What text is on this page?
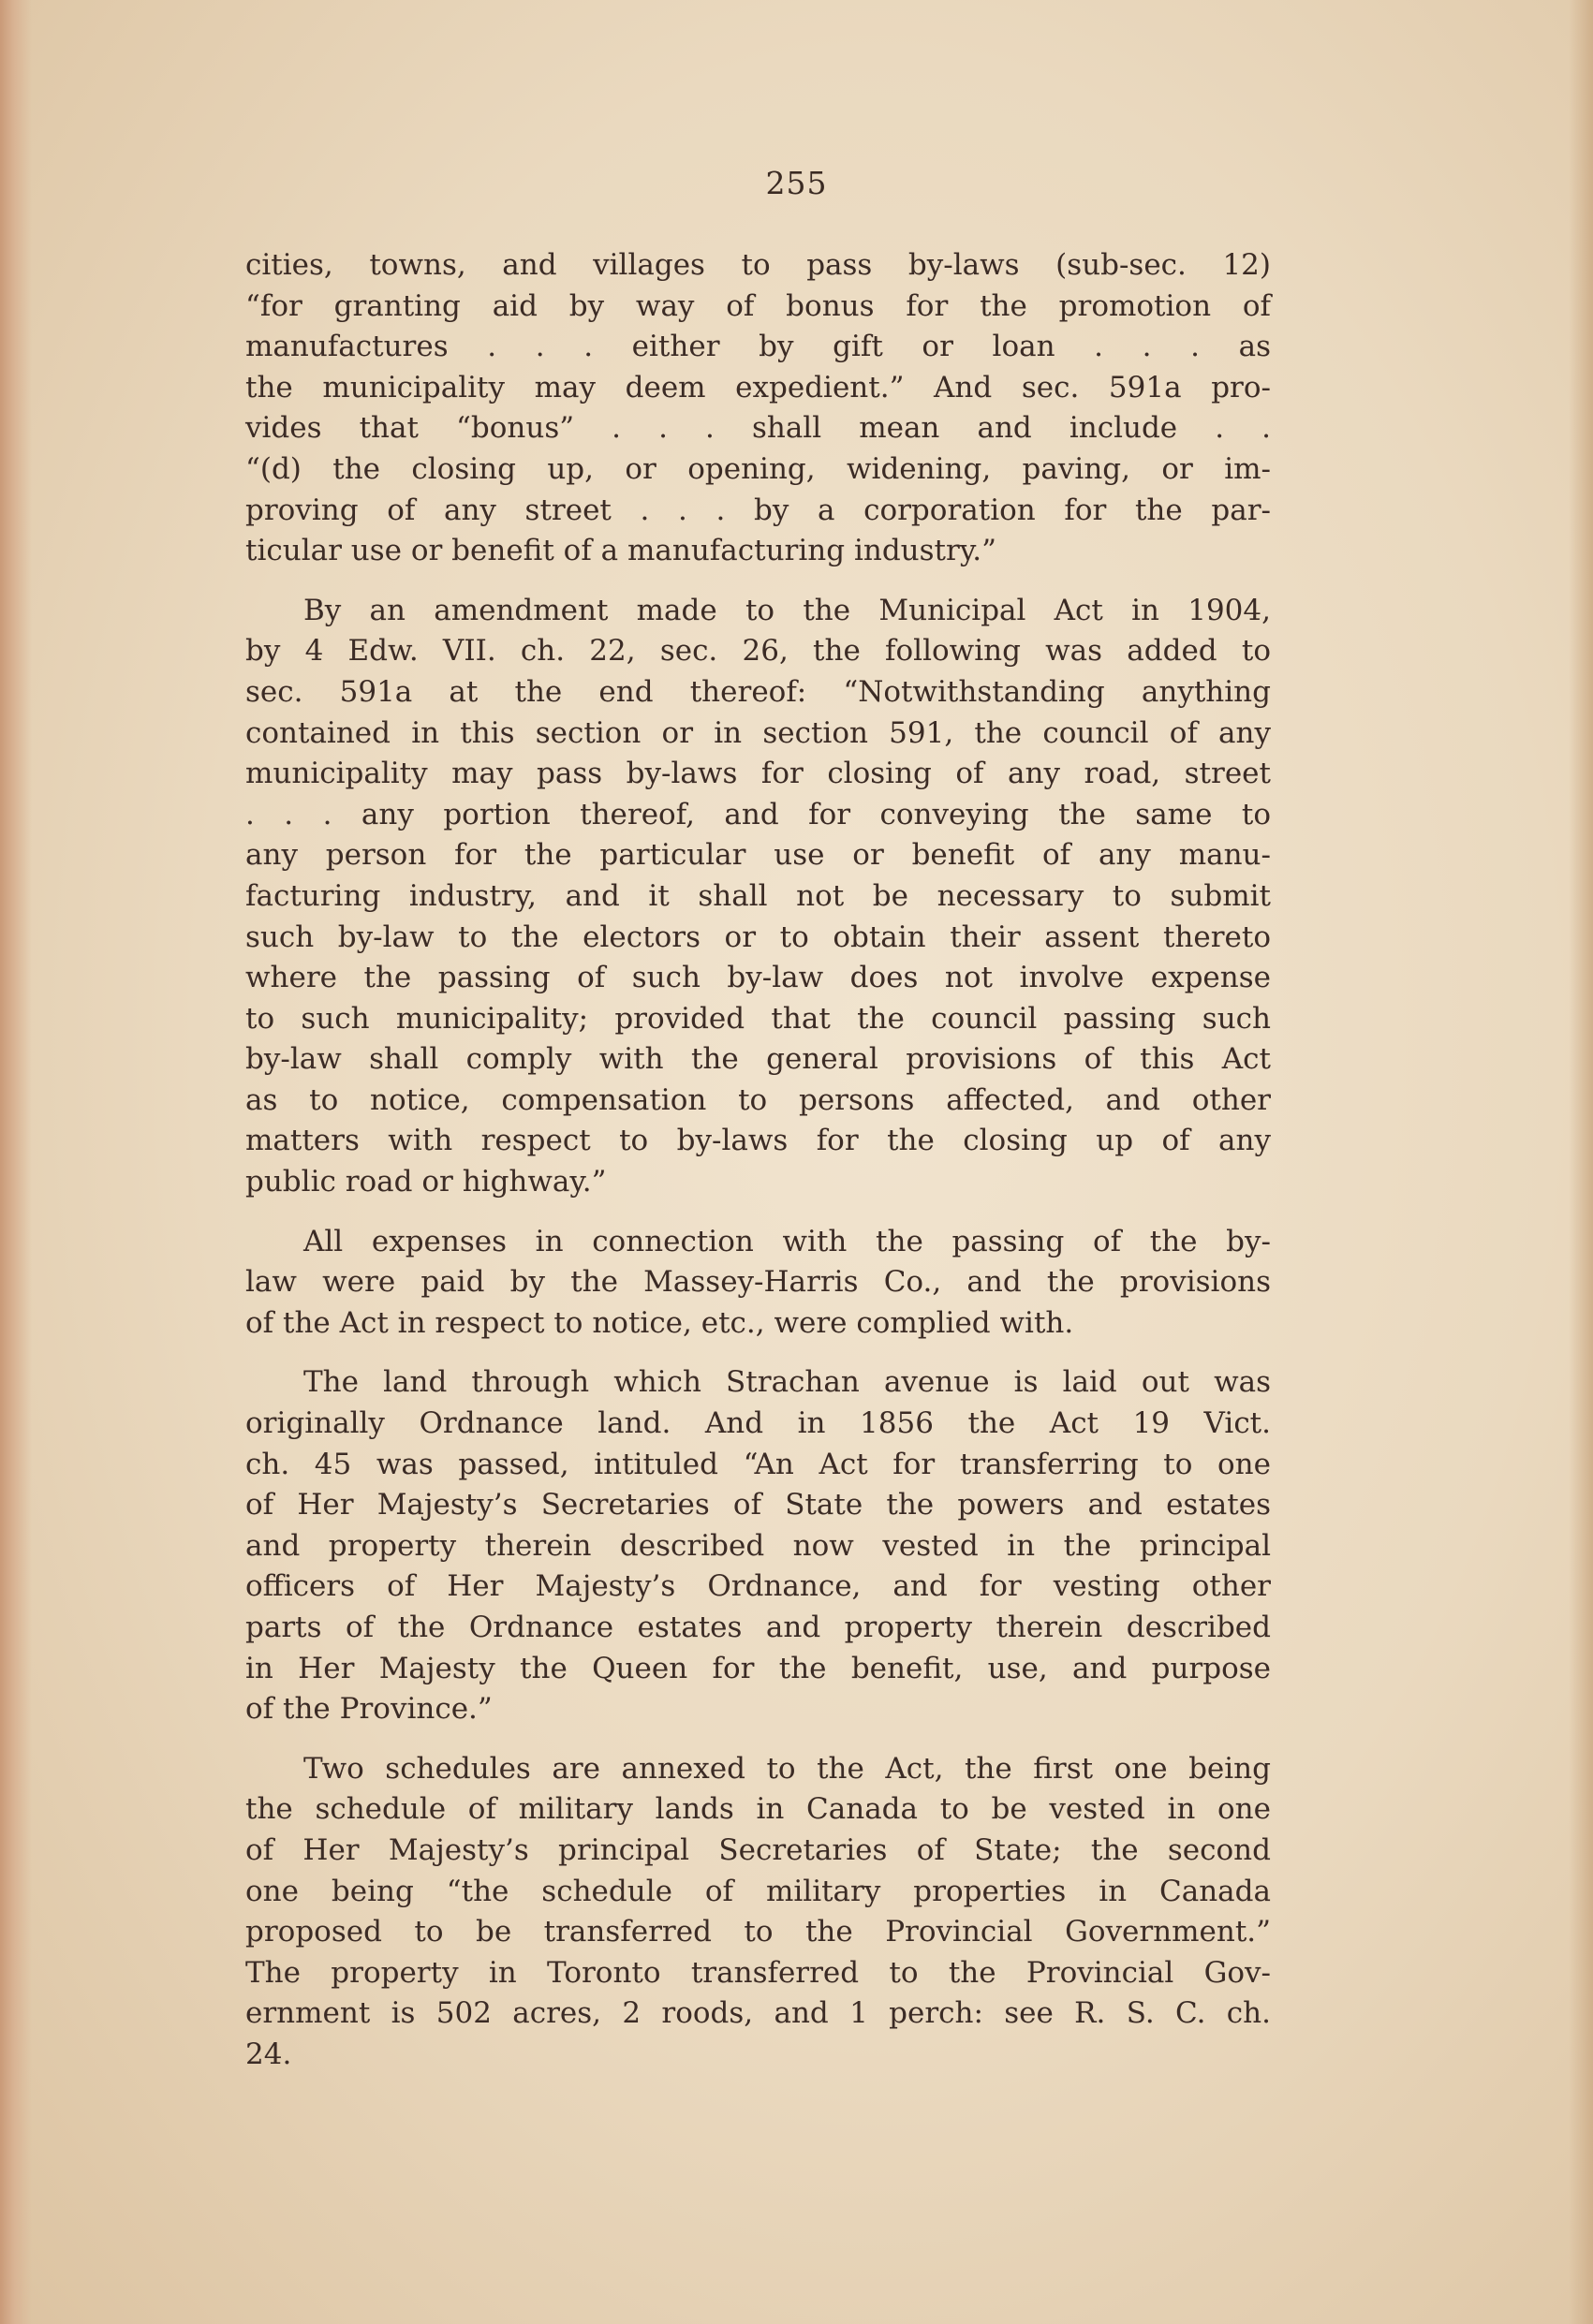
255
cities, towns, and villages to pass by-laws (sub-sec. 12)
“for granting aid by way of bonus for the promotion of
manufactures . . . either by gift or loan . . . as
the municipality may deem expedient.” And sec. 591a pro-
vides that “bonus” . . . shall mean and include . .
“(d) the closing up, or opening, widening, paving, or im-
proving of any street . . . by a corporation for the par-
ticular use or benefit of a manufacturing industry.”
By an amendment made to the Municipal Act in 1904,
by 4 Edw. VII. ch. 22, sec. 26, the following was added to
sec. 591a at the end thereof: “Notwithstanding anything
contained in this section or in section 591, the council of any
municipality may pass by-laws for closing of any road, street
. . . any portion thereof, and for conveying the same to
any person for the particular use or benefit of any manu-
facturing industry, and it shall not be necessary to submit
such by-law to the electors or to obtain their assent thereto
where the passing of such by-law does not involve expense
to such municipality; provided that the council passing such
by-law shall comply with the general provisions of this Act
as to notice, compensation to persons affected, and other
matters with respect to by-laws for the closing up of any
public road or highway.”
All expenses in connection with the passing of the by-
law were paid by the Massey-Harris Co., and the provisions
of the Act in respect to notice, etc., were complied with.
The land through which Strachan avenue is laid out was
originally Ordnance land. And in 1856 the Act 19 Vict.
ch. 45 was passed, intituled “An Act for transferring to one
of Her Majesty’s Secretaries of State the powers and estates
and property therein described now vested in the principal
officers of Her Majesty’s Ordnance, and for vesting other
parts of the Ordnance estates and property therein described
in Her Majesty the Queen for the benefit, use, and purpose
of the Province.”
Two schedules are annexed to the Act, the first one being
the schedule of military lands in Canada to be vested in one
of Her Majesty’s principal Secretaries of State; the second
one being “the schedule of military properties in Canada
proposed to be transferred to the Provincial Government.”
The property in Toronto transferred to the Provincial Gov-
ernment is 502 acres, 2 roods, and 1 perch: see R. S. C. ch.
24.
